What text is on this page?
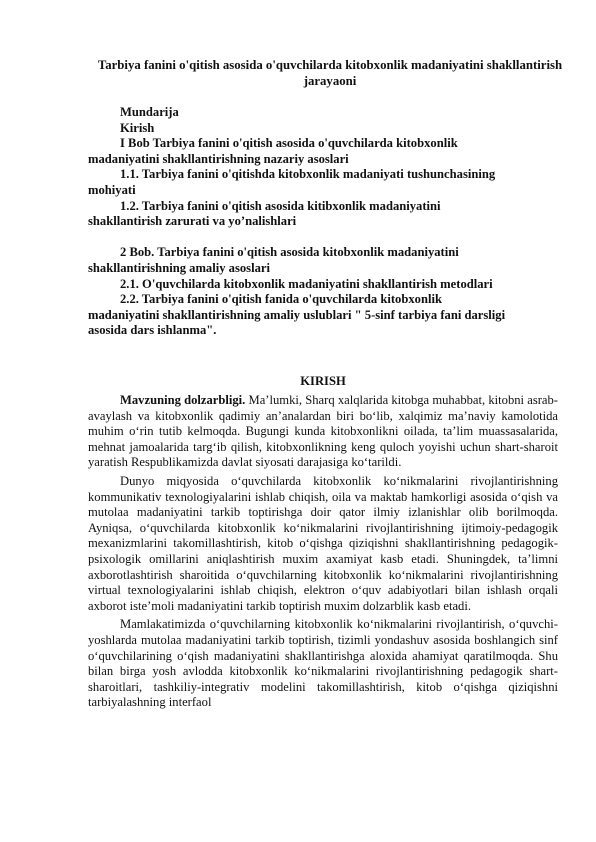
Tarbiya fanini o'qitish asosida o'quvchilarda kitobxonlik madaniyatini shakllantirish jarayaoni
Mundarija
Kirish
I Bob Tarbiya fanini o'qitish asosida o'quvchilarda kitobxonlik
madaniyatini shakllantirishning nazariy asoslari
1.1. Tarbiya fanini o'qitishda kitobxonlik madaniyati tushunchasining
mohiyati
1.2. Tarbiya fanini o'qitish asosida kitibxonlik madaniyatini
shakllantirish zarurati va yo’nalishlari
2 Bob. Tarbiya fanini o'qitish asosida kitobxonlik madaniyatini
shakllantirishning amaliy asoslari
2.1. O'quvchilarda kitobxonlik madaniyatini shakllantirish metodlari
2.2. Tarbiya fanini o'qitish fanida o'quvchilarda kitobxonlik
madaniyatini shakllantirishning amaliy uslublari " 5-sinf tarbiya fani darsligi
asosida dars ishlanma".
KIRISH

Mavzuning dolzarbligi. Ma’lumki, Sharq xalqlarida kitobga muhabbat, kitobni asrab-avaylash va kitobxonlik qadimiy an’analardan biri bo‘lib, xalqimiz ma’naviy kamolotida muhim o‘rin tutib kelmoqda. Bugungi kunda kitobxonlikni oilada, ta’lim muassasalarida, mehnat jamoalarida targ‘ib qilish, kitobxonlikning keng quloch yoyishi uchun shart-sharoit yaratish Respublikamizda davlat siyosati darajasiga ko‘tarildi.

Dunyo miqyosida o‘quvchilarda kitobxonlik ko‘nikmalarini rivojlantirishning kommunikativ texnologiyalarini ishlab chiqish, oila va maktab hamkorligi asosida o‘qish va mutolaa madaniyatini tarkib toptirishga doir qator ilmiy izlanishlar olib borilmoqda. Ayniqsa, o‘quvchilarda kitobxonlik ko‘nikmalarini rivojlantirishning ijtimoiy-pedagogik mexanizmlarini takomillashtirish, kitob o‘qishga qiziqishni shakllantirishning pedagogik-psixologik omillarini aniqlashtirish muxim axamiyat kasb etadi. Shuningdek, ta’limni axborotlashtirish sharoitida o‘quvchilarning kitobxonlik ko‘nikmalarini rivojlantirishning virtual texnologiyalarini ishlab chiqish, elektron o‘quv adabiyotlari bilan ishlash orqali axborot iste’moli madaniyatini tarkib toptirish muxim dolzarblik kasb etadi.

Mamlakatimizda o‘quvchilarning kitobxonlik ko‘nikmalarini rivojlantirish, o‘quvchi-yoshlarda mutolaa madaniyatini tarkib toptirish, tizimli yondashuv asosida boshlangich sinf o‘quvchilarining o‘qish madaniyatini shakllantirishga aloxida ahamiyat qaratilmoqda. Shu bilan birga yosh avlodda kitobxonlik ko‘nikmalarini rivojlantirishning pedagogik shart-sharoitlari, tashkiliy-integrativ modelini takomillashtirish, kitob o‘qishga qiziqishni tarbiyalashning interfaol
